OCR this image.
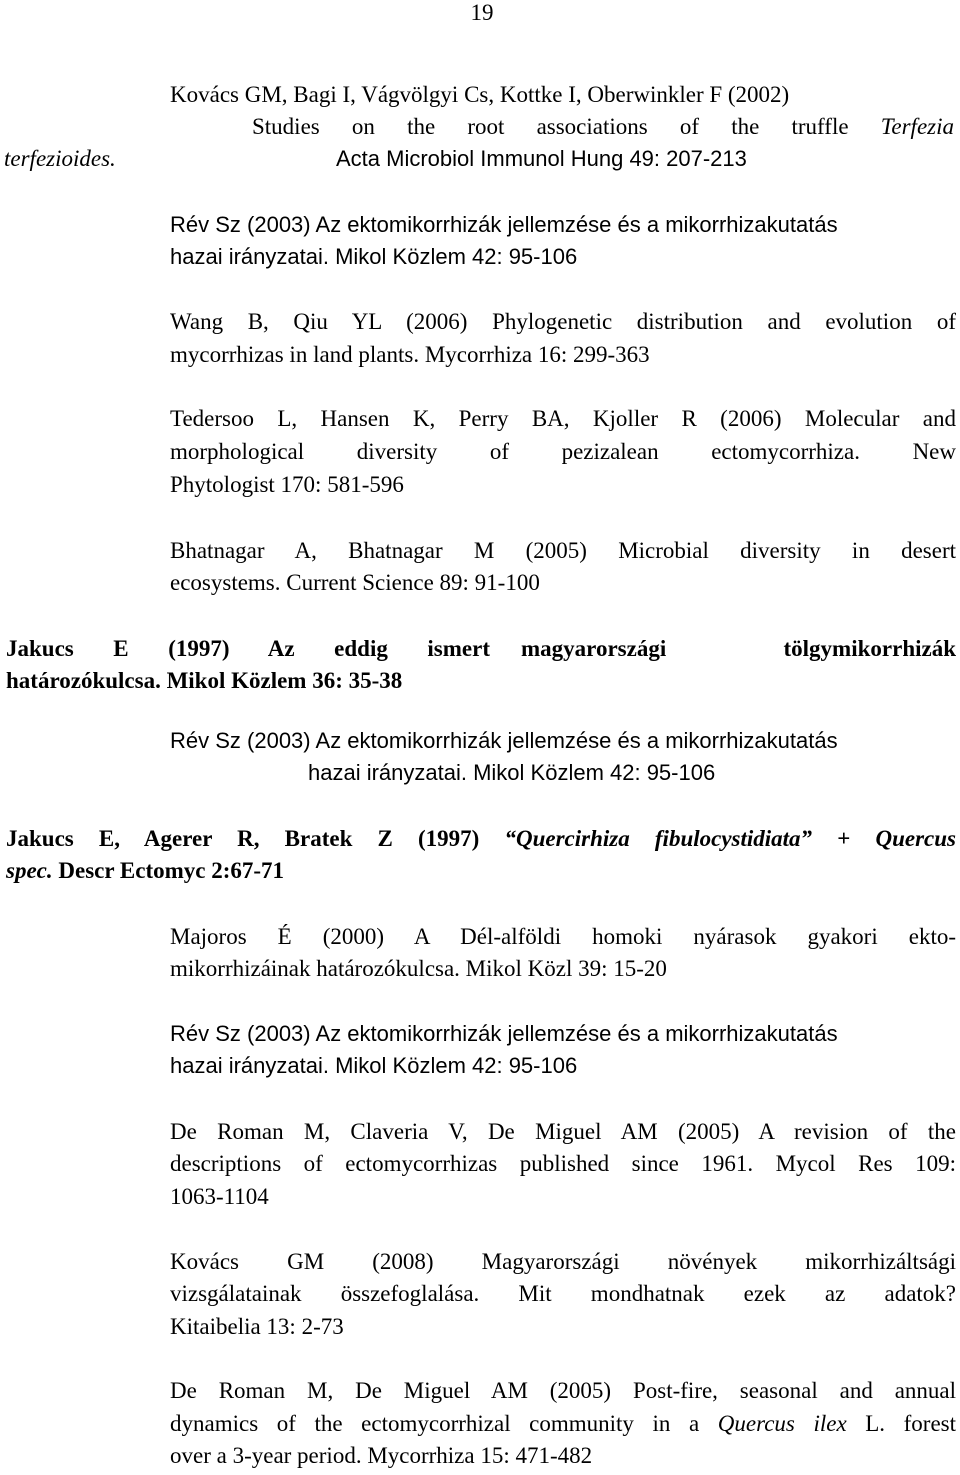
19
Kovács GM, Bagi I, Vágvölgyi Cs, Kottke I, Oberwinkler F (2002)
Studies on the root associations of the truffle Terfezia
terfezioides.	Acta Microbiol Immunol Hung 49: 207-213
Rév Sz (2003) Az ektomikorrhizák jellemzése és a mikorrhizakutatás
hazai irányzatai. Mikol Közlem 42: 95-106
Wang B, Qiu YL (2006) Phylogenetic distribution and evolution of
mycorrhizas in land plants. Mycorrhiza 16: 299-363
Tedersoo L, Hansen K, Perry BA, Kjoller R (2006) Molecular and
morphological diversity of pezizalean ectomycorrhiza. New
Phytologist 170: 581-596
Bhatnagar A, Bhatnagar M (2005) Microbial diversity in desert
ecosystems. Current Science 89: 91-100
Jakucs E (1997) Az eddig ismert magyarországi tölgymikorrhizák
határozókulcsa. Mikol Közlem 36: 35-38
Rév Sz (2003) Az ektomikorrhizák jellemzése és a mikorrhizakutatás
hazai irányzatai. Mikol Közlem 42: 95-106
Jakucs E, Agerer R, Bratek Z (1997) “Quercirhiza fibulocystidiata” + Quercus
spec. Descr Ectomyc 2:67-71
Majoros É (2000) A Dél-alföldi homoki nyárasok gyakori ekto-
mikorrhizáinak határozókulcsa. Mikol Közl 39: 15-20
Rév Sz (2003) Az ektomikorrhizák jellemzése és a mikorrhizakutatás
hazai irányzatai. Mikol Közlem 42: 95-106
De Roman M, Claveria V, De Miguel AM (2005) A revision of the
descriptions of ectomycorrhizas published since 1961. Mycol Res 109:
1063-1104
Kovács GM (2008) Magyarországi növények mikorrhizáltsági
vizsgálatainak összefoglalása. Mit mondhatnak ezek az adatok?
Kitaibelia 13: 2-73
De Roman M, De Miguel AM (2005) Post-fire, seasonal and annual
dynamics of the ectomycorrhizal community in a Quercus ilex L. forest
over a 3-year period. Mycorrhiza 15: 471-482
